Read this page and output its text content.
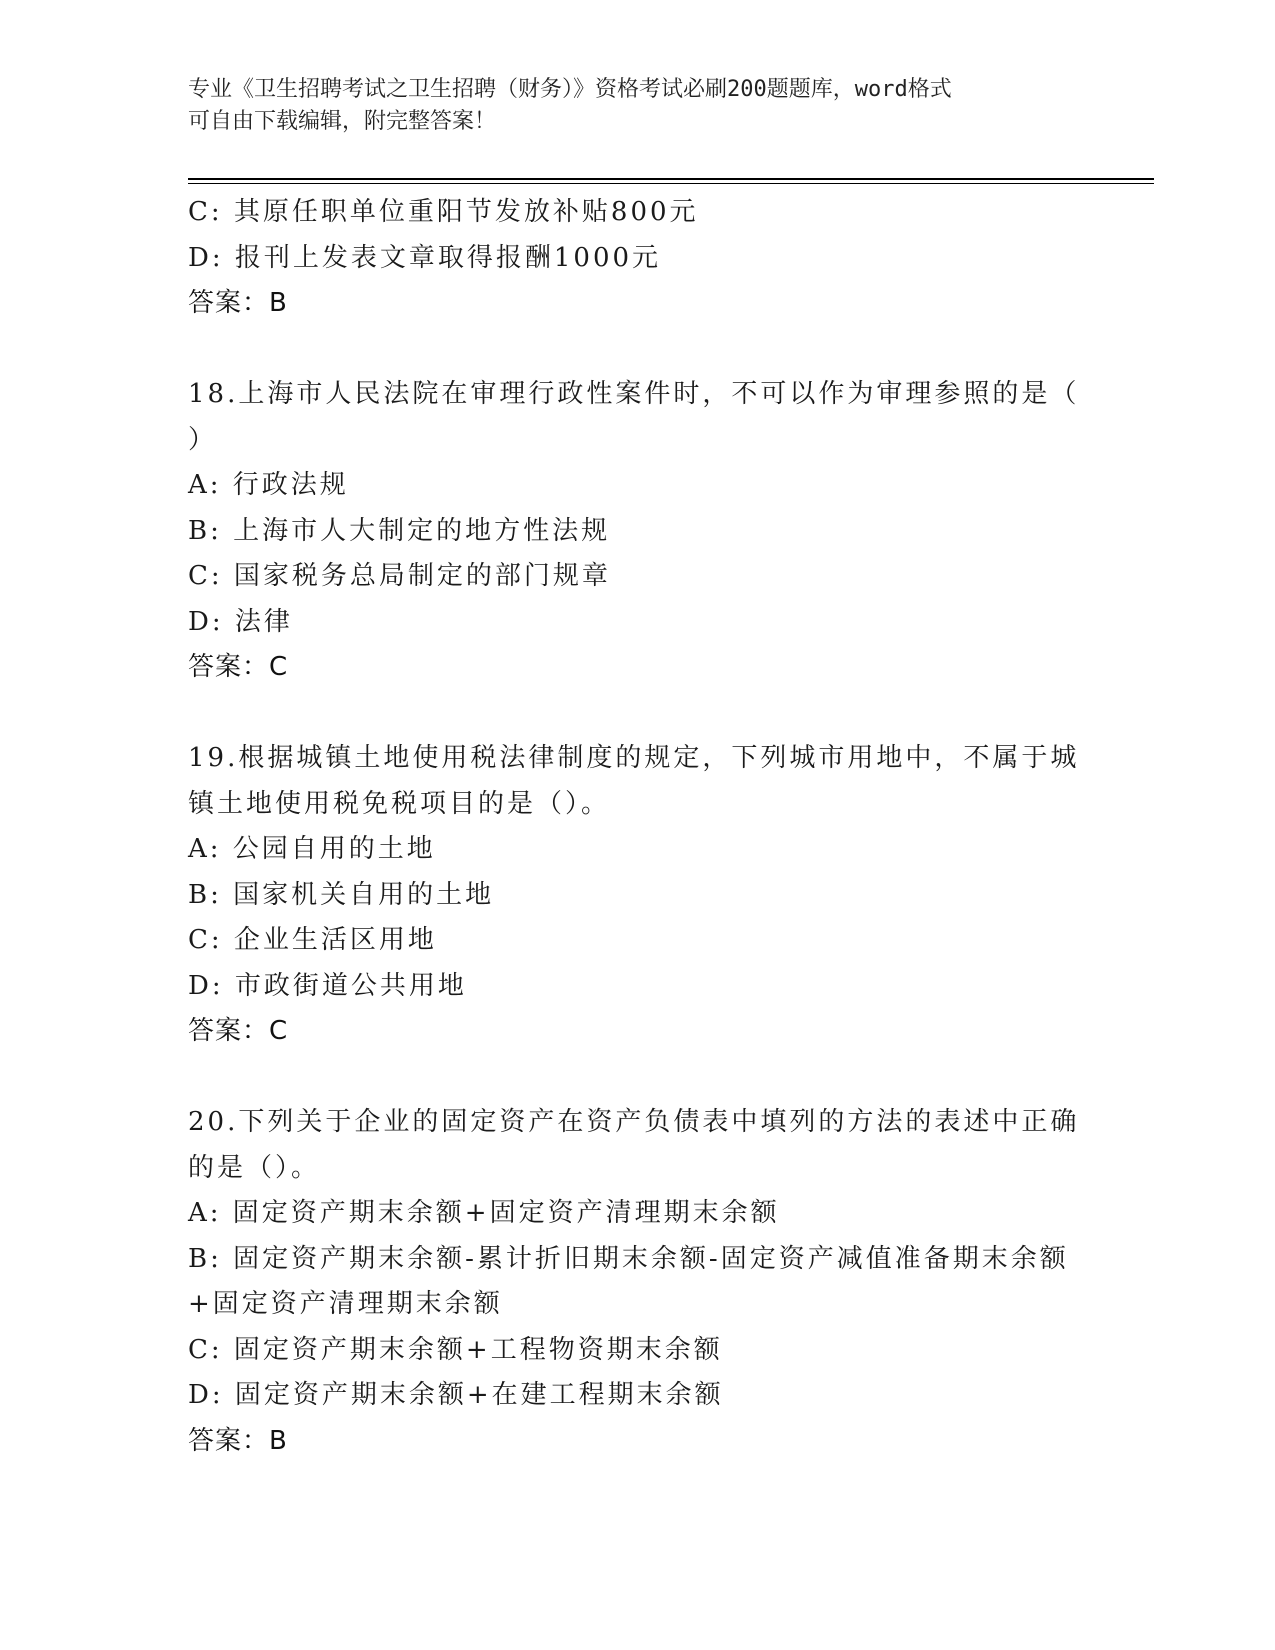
专业《卫生招聘考试之卫生招聘（财务）》资格考试必刷200题题库，word格式
可自由下载编辑，附完整答案！
C: 其原任职单位重阳节发放补贴800元
D: 报刊上发表文章取得报酬1000元
答案：B
18.上海市人民法院在审理行政性案件时，不可以作为审理参照的是（
）
A: 行政法规
B: 上海市人大制定的地方性法规
C: 国家税务总局制定的部门规章
D: 法律
答案：C
19.根据城镇土地使用税法律制度的规定，下列城市用地中，不属于城
镇土地使用税免税项目的是（）。
A: 公园自用的土地
B: 国家机关自用的土地
C: 企业生活区用地
D: 市政街道公共用地
答案：C
20.下列关于企业的固定资产在资产负债表中填列的方法的表述中正确
的是（）。
A: 固定资产期末余额+固定资产清理期末余额
B: 固定资产期末余额-累计折旧期末余额-固定资产减值准备期末余额
+固定资产清理期末余额
C: 固定资产期末余额+工程物资期末余额
D: 固定资产期末余额+在建工程期末余额
答案：B
